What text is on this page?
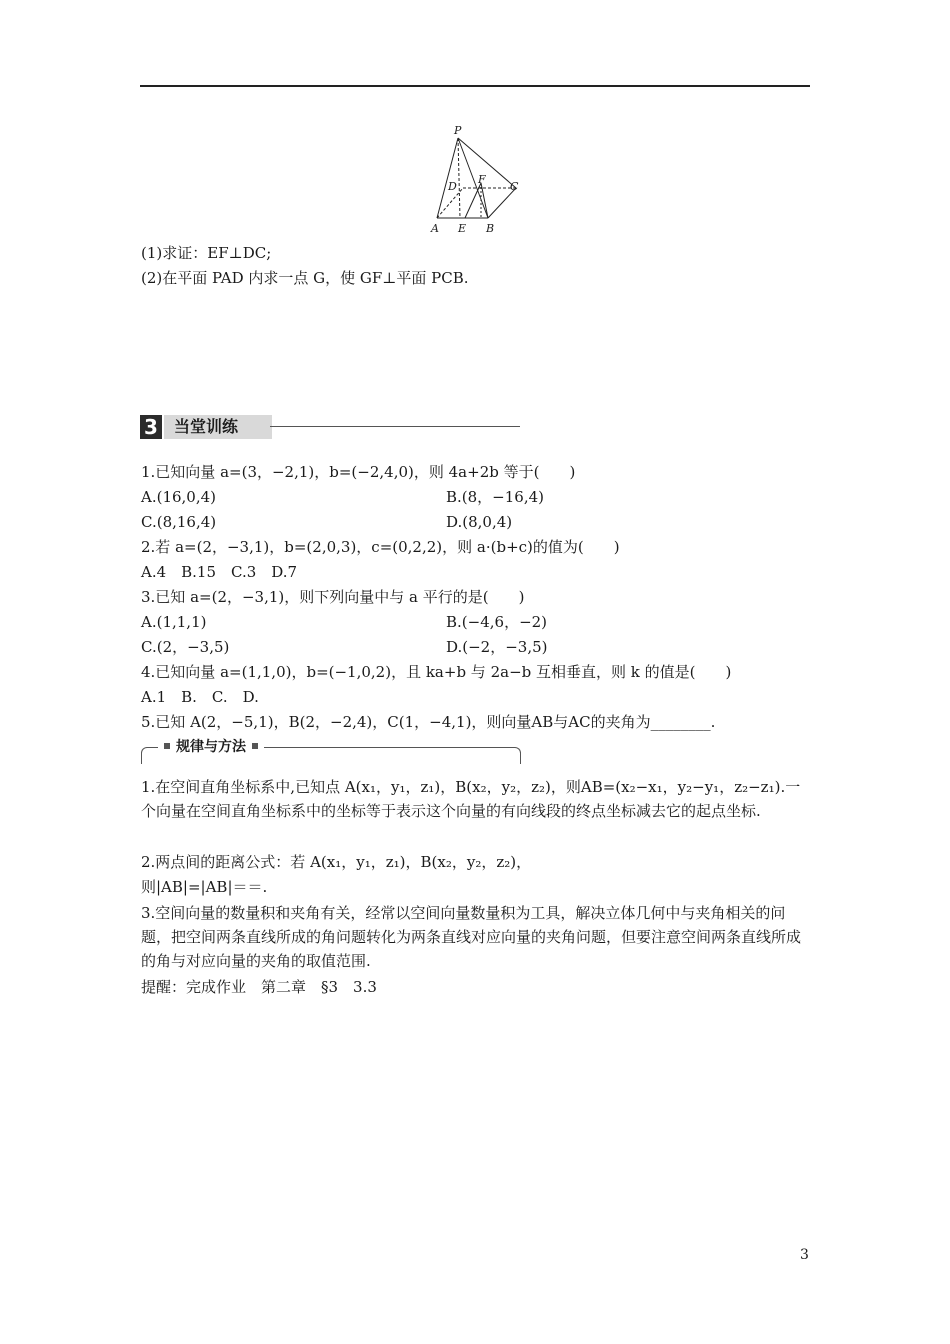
P
D
F
C
A E B
(1)求证：EF⊥DC;
(2)在平面 PAD 内求一点 G，使 GF⊥平面 PCB.
3	当堂训练
1.已知向量 a=(3，−2,1)，b=(−2,4,0)，则 4a+2b 等于(　　)
A.(16,0,4)	B.(8，−16,4)
C.(8,16,4)	D.(8,0,4)
2.若 a=(2，−3,1)，b=(2,0,3)，c=(0,2,2)，则 a·(b+c)的值为(　　)
A.4　B.15　C.3　D.7
3.已知 a=(2，−3,1)，则下列向量中与 a 平行的是(　　)
A.(1,1,1)	B.(−4,6，−2)
C.(2，−3,5)	D.(−2，−3,5)
4.已知向量 a=(1,1,0)，b=(−1,0,2)，且 ka+b 与 2a−b 互相垂直，则 k 的值是(　　)
A.1　B.　C.　D.
5.已知 A(2，−5,1)，B(2，−2,4)，C(1，−4,1)，则向量AB与AC的夹角为________.
规律与方法
1.在空间直角坐标系中,已知点 A(x₁，y₁，z₁)，B(x₂，y₂，z₂)，则AB=(x₂−x₁，y₂−y₁，z₂−z₁).一个向量在空间直角坐标系中的坐标等于表示这个向量的有向线段的终点坐标减去它的起点坐标.
2.两点间的距离公式：若 A(x₁，y₁，z₁)，B(x₂，y₂，z₂)，
则|AB|=|AB|＝＝.
3.空间向量的数量积和夹角有关，经常以空间向量数量积为工具，解决立体几何中与夹角相关的问题，把空间两条直线所成的角问题转化为两条直线对应向量的夹角问题，但要注意空间两条直线所成的角与对应向量的夹角的取值范围.
提醒：完成作业　第二章　§3　3.3
3
